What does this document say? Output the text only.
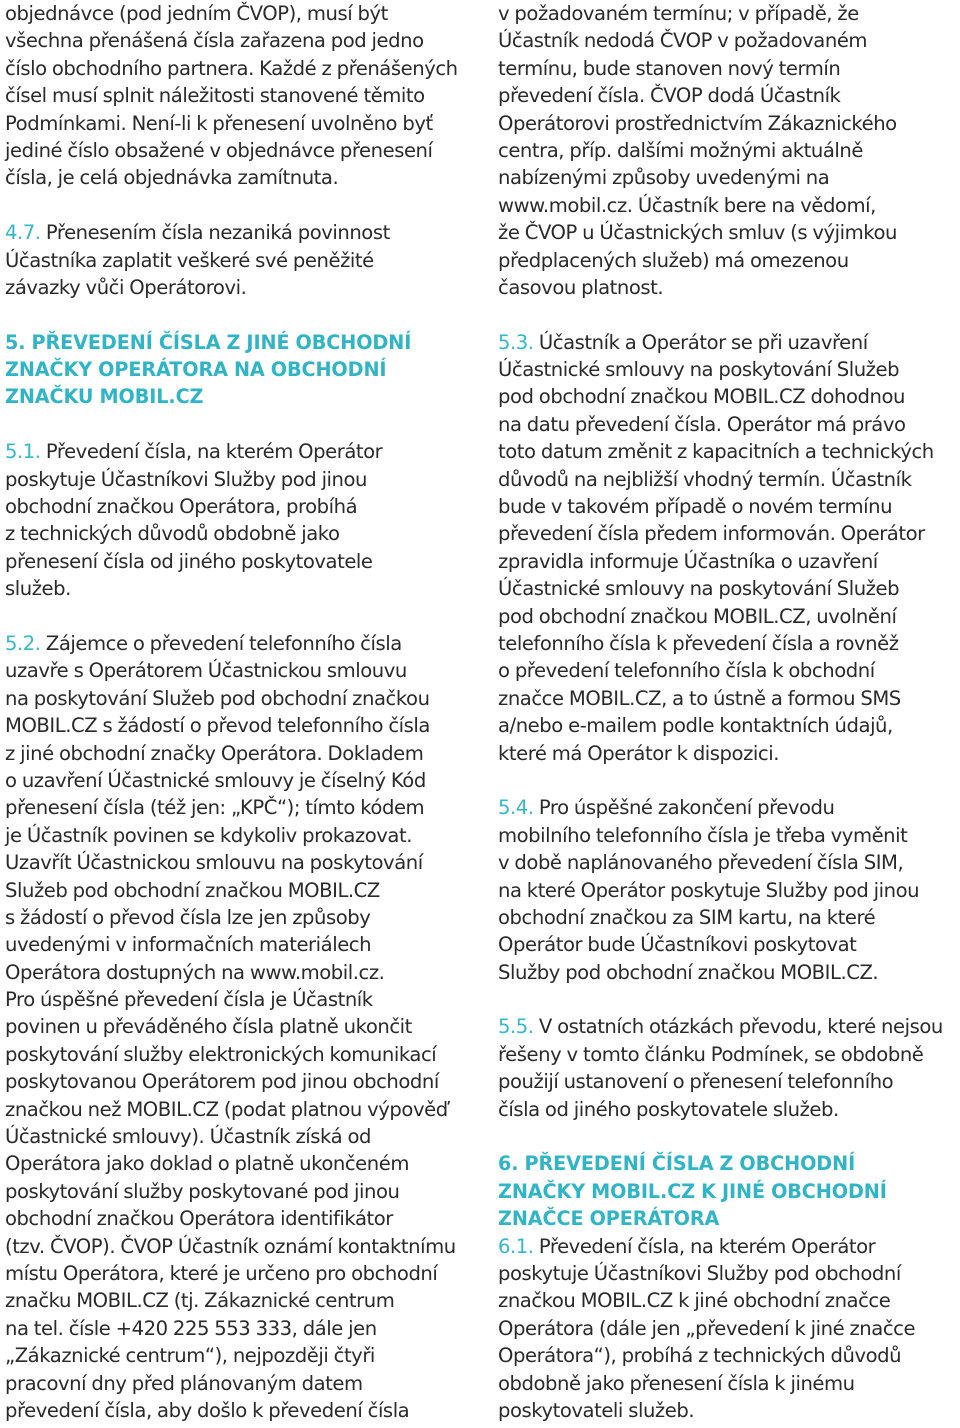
objednávce (pod jedním ČVOP), musí být
všechna přenášená čísla zařazena pod jedno
číslo obchodního partnera. Každé z přenášených
čísel musí splnit náležitosti stanovené těmito
Podmínkami. Není-li k přenesení uvolněno byť
jediné číslo obsažené v objednávce přenesení
čísla, je celá objednávka zamítnuta.
4.7. Přenesením čísla nezaniká povinnost
Účastníka zaplatit veškeré své peněžité
závazky vůči Operátorovi.
5. PŘEVEDENÍ ČÍSLA Z JINÉ OBCHODNÍ
ZNAČKY OPERÁTORA NA OBCHODNÍ
ZNAČKU MOBIL.CZ
5.1. Převedení čísla, na kterém Operátor
poskytuje Účastníkovi Služby pod jinou
obchodní značkou Operátora, probíhá
z technických důvodů obdobně jako
přenesení čísla od jiného poskytovatele
služeb.
5.2. Zájemce o převedení telefonního čísla
uzavře s Operátorem Účastnickou smlouvu
na poskytování Služeb pod obchodní značkou
MOBIL.CZ s žádostí o převod telefonního čísla
z jiné obchodní značky Operátora. Dokladem
o uzavření Účastnické smlouvy je číselný Kód
přenesení čísla (též jen: „KPČ“); tímto kódem
je Účastník povinen se kdykoliv prokazovat.
Uzavřít Účastnickou smlouvu na poskytování
Služeb pod obchodní značkou MOBIL.CZ
s žádostí o převod čísla lze jen způsoby
uvedenými v informačních materiálech
Operátora dostupných na www.mobil.cz.
Pro úspěšné převedení čísla je Účastník
povinen u převáděného čísla platně ukončit
poskytování služby elektronických komunikací
poskytovanou Operátorem pod jinou obchodní
značkou než MOBIL.CZ (podat platnou výpověď
Účastnické smlouvy). Účastník získá od
Operátora jako doklad o platně ukončeném
poskytování služby poskytované pod jinou
obchodní značkou Operátora identifikátor
(tzv. ČVOP). ČVOP Účastník oznámí kontaktnímu
místu Operátora, které je určeno pro obchodní
značku MOBIL.CZ (tj. Zákaznické centrum
na tel. čísle +420 225 553 333, dále jen
„Zákaznické centrum“), nejpozději čtyři
pracovní dny před plánovaným datem
převedení čísla, aby došlo k převedení čísla
v požadovaném termínu; v případě, že
Účastník nedodá ČVOP v požadovaném
termínu, bude stanoven nový termín
převedení čísla. ČVOP dodá Účastník
Operátorovi prostřednictvím Zákaznického
centra, příp. dalšími možnými aktuálně
nabízenými způsoby uvedenými na
www.mobil.cz. Účastník bere na vědomí,
že ČVOP u Účastnických smluv (s výjimkou
předplacených služeb) má omezenou
časovou platnost.
5.3. Účastník a Operátor se při uzavření
Účastnické smlouvy na poskytování Služeb
pod obchodní značkou MOBIL.CZ dohodnou
na datu převedení čísla. Operátor má právo
toto datum změnit z kapacitních a technických
důvodů na nejbližší vhodný termín. Účastník
bude v takovém případě o novém termínu
převedení čísla předem informován. Operátor
zpravidla informuje Účastníka o uzavření
Účastnické smlouvy na poskytování Služeb
pod obchodní značkou MOBIL.CZ, uvolnění
telefonního čísla k převedení čísla a rovněž
o převedení telefonního čísla k obchodní
značce MOBIL.CZ, a to ústně a formou SMS
a/nebo e-mailem podle kontaktních údajů,
které má Operátor k dispozici.
5.4. Pro úspěšné zakončení převodu
mobilního telefonního čísla je třeba vyměnit
v době naplánovaného převedení čísla SIM,
na které Operátor poskytuje Služby pod jinou
obchodní značkou za SIM kartu, na které
Operátor bude Účastníkovi poskytovat
Služby pod obchodní značkou MOBIL.CZ.
5.5. V ostatních otázkách převodu, které nejsou
řešeny v tomto článku Podmínek, se obdobně
použijí ustanovení o přenesení telefonního
čísla od jiného poskytovatele služeb.
6. PŘEVEDENÍ ČÍSLA Z OBCHODNÍ
ZNAČKY MOBIL.CZ K JINÉ OBCHODNÍ
ZNAČCE OPERÁTORA
6.1. Převedení čísla, na kterém Operátor
poskytuje Účastníkovi Služby pod obchodní
značkou MOBIL.CZ k jiné obchodní značce
Operátora (dále jen „převedení k jiné značce
Operátora“), probíhá z technických důvodů
obdobně jako přenesení čísla k jinému
poskytovateli služeb.
